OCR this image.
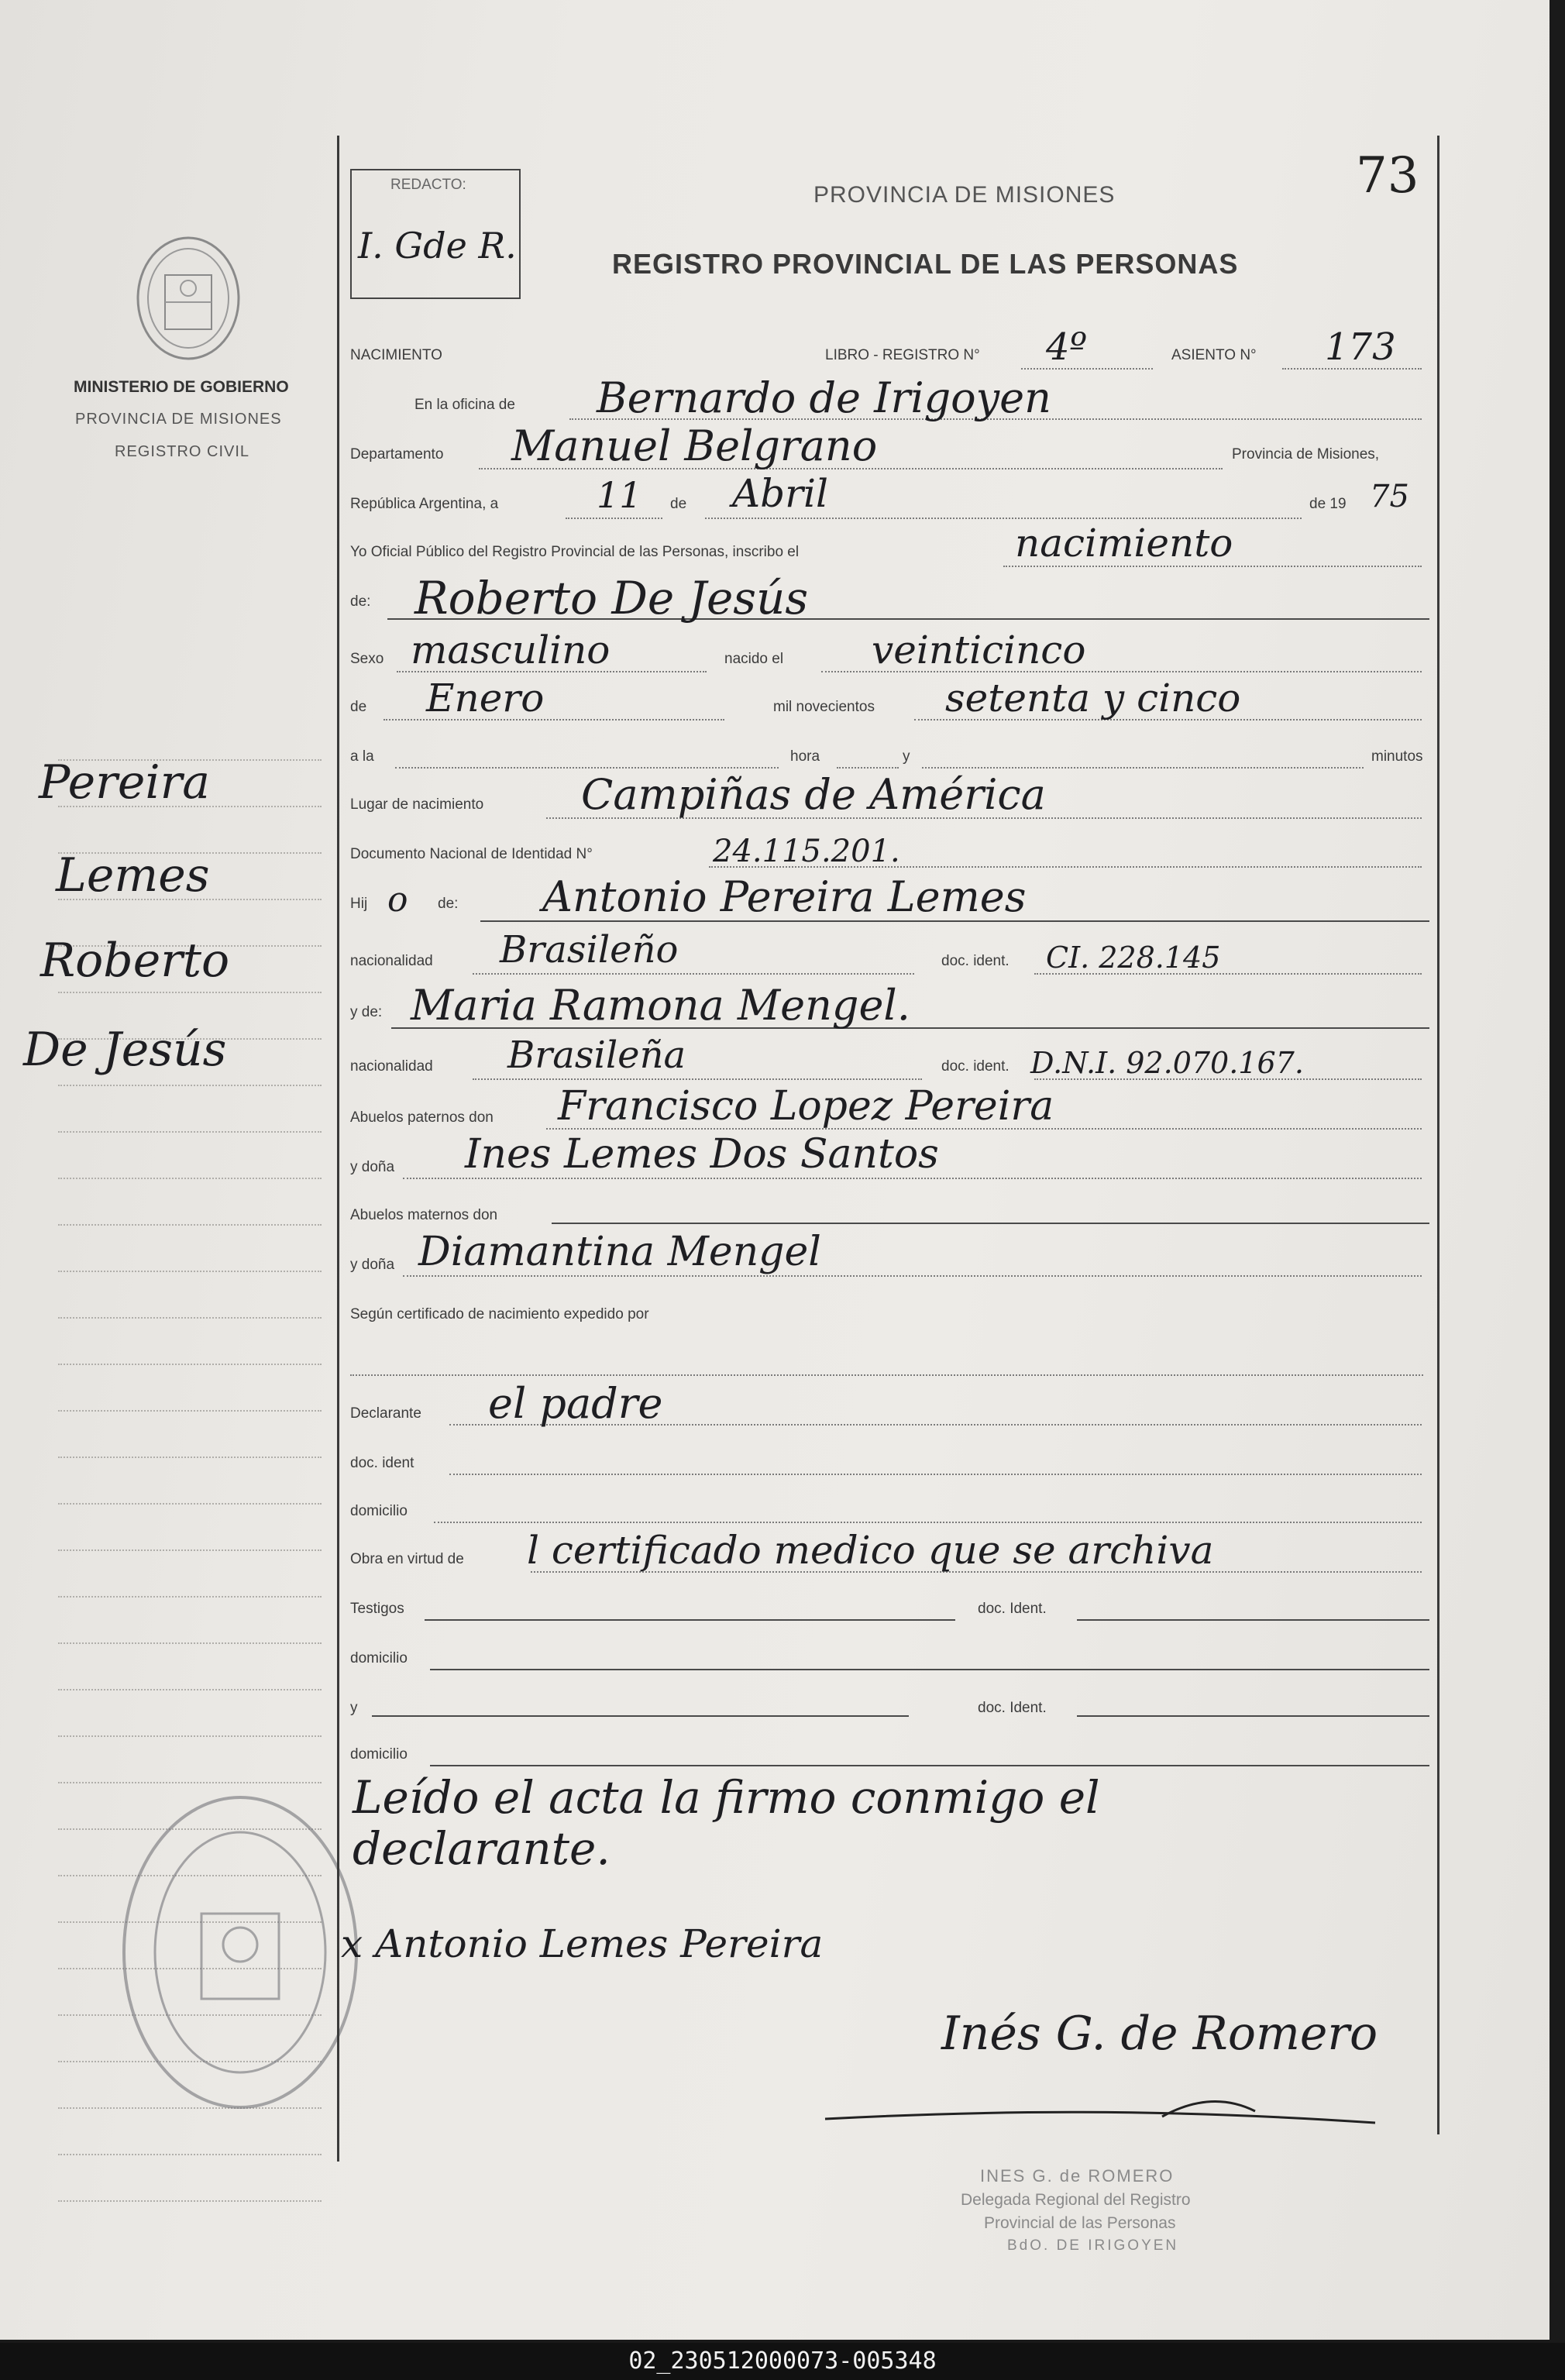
MINISTERIO DE GOBIERNO
PROVINCIA DE MISIONES
REGISTRO CIVIL
Pereira
Lemes
Roberto
De Jesús
REDACTO:
I. Gde R.
73
PROVINCIA DE MISIONES
REGISTRO PROVINCIAL DE LAS PERSONAS
NACIMIENTO	LIBRO - REGISTRO N° 4º	ASIENTO N° 173
En la oficina de Bernardo de Irigoyen
Departamento Manuel Belgrano	Provincia de Misiones,
República Argentina, a	11 de Abril	de 19 75
Yo Oficial Público del Registro Provincial de las Personas, inscribo el	nacimiento
de: Roberto De Jesús
Sexo masculino	nacido el veinticinco
de Enero	mil novecientos setenta y cinco
a la	hora	y	minutos
Lugar de nacimiento Campiñas de América
Documento Nacional de Identidad N°	24.115.201.
Hij o de: Antonio Pereira Lemes
nacionalidad Brasileño	doc. ident. CI. 228.145
y de: Maria Ramona Mengel.
nacionalidad Brasileña	doc. ident. D.N.I. 92.070.167.
Abuelos paternos don Francisco Lopez Pereira
y doña Ines Lemes Dos Santos
Abuelos maternos don
y doña Diamantina Mengel
Según certificado de nacimiento expedido por
Declarante el padre
doc. ident
domicilio
Obra en virtud de l certificado medico que se archiva
Testigos	doc. Ident.
domicilio
y	doc. Ident.
domicilio
Leído el acta la firmo conmigo el
declarante.
x Antonio Lemes Pereira
Inés G. de Romero
INES G. de ROMERO
Delegada Regional del Registro
Provincial de las Personas
BdO. DE IRIGOYEN
02_230512000073-005348
